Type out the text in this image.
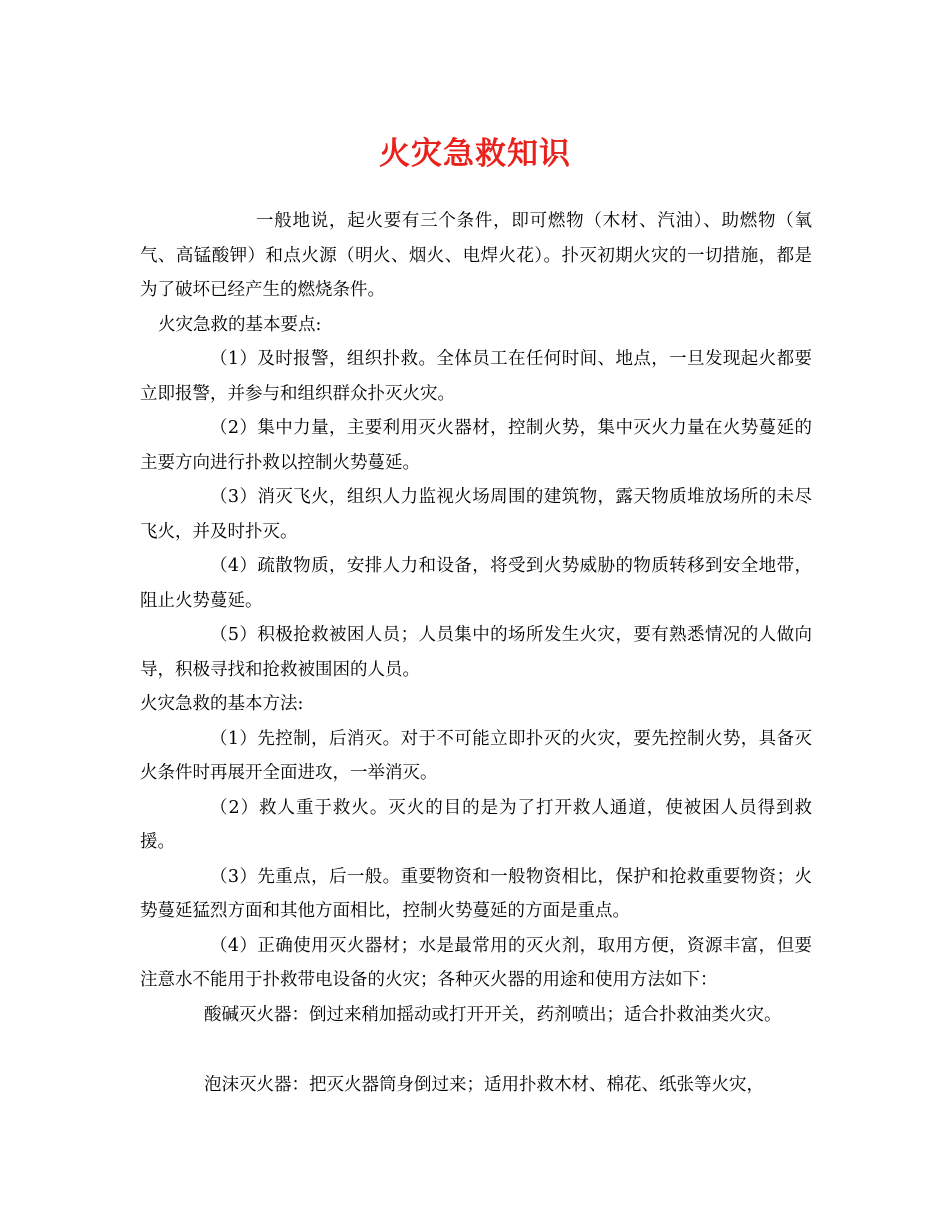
火灾急救知识

一般地说，起火要有三个条件，即可燃物（木材、汽油）、助燃物（氧气、高锰酸钾）和点火源（明火、烟火、电焊火花）。扑灭初期火灾的一切措施，都是为了破坏已经产生的燃烧条件。

火灾急救的基本要点:

（1）及时报警，组织扑救。全体员工在任何时间、地点，一旦发现起火都要立即报警，并参与和组织群众扑灭火灾。

（2）集中力量，主要利用灭火器材，控制火势，集中灭火力量在火势蔓延的主要方向进行扑救以控制火势蔓延。

（3）消灭飞火，组织人力监视火场周围的建筑物，露天物质堆放场所的未尽飞火，并及时扑灭。

（4）疏散物质，安排人力和设备，将受到火势威胁的物质转移到安全地带，阻止火势蔓延。

（5）积极抢救被困人员；人员集中的场所发生火灾，要有熟悉情况的人做向导，积极寻找和抢救被围困的人员。

火灾急救的基本方法:

（1）先控制，后消灭。对于不可能立即扑灭的火灾，要先控制火势，具备灭火条件时再展开全面进攻，一举消灭。

（2）救人重于救火。灭火的目的是为了打开救人通道，使被困人员得到救援。

（3）先重点，后一般。重要物资和一般物资相比，保护和抢救重要物资；火势蔓延猛烈方面和其他方面相比，控制火势蔓延的方面是重点。

（4）正确使用灭火器材；水是最常用的灭火剂，取用方便，资源丰富，但要注意水不能用于扑救带电设备的火灾；各种灭火器的用途和使用方法如下：

酸碱灭火器：倒过来稍加摇动或打开开关，药剂喷出；适合扑救油类火灾。

泡沫灭火器：把灭火器筒身倒过来；适用扑救木材、棉花、纸张等火灾，
